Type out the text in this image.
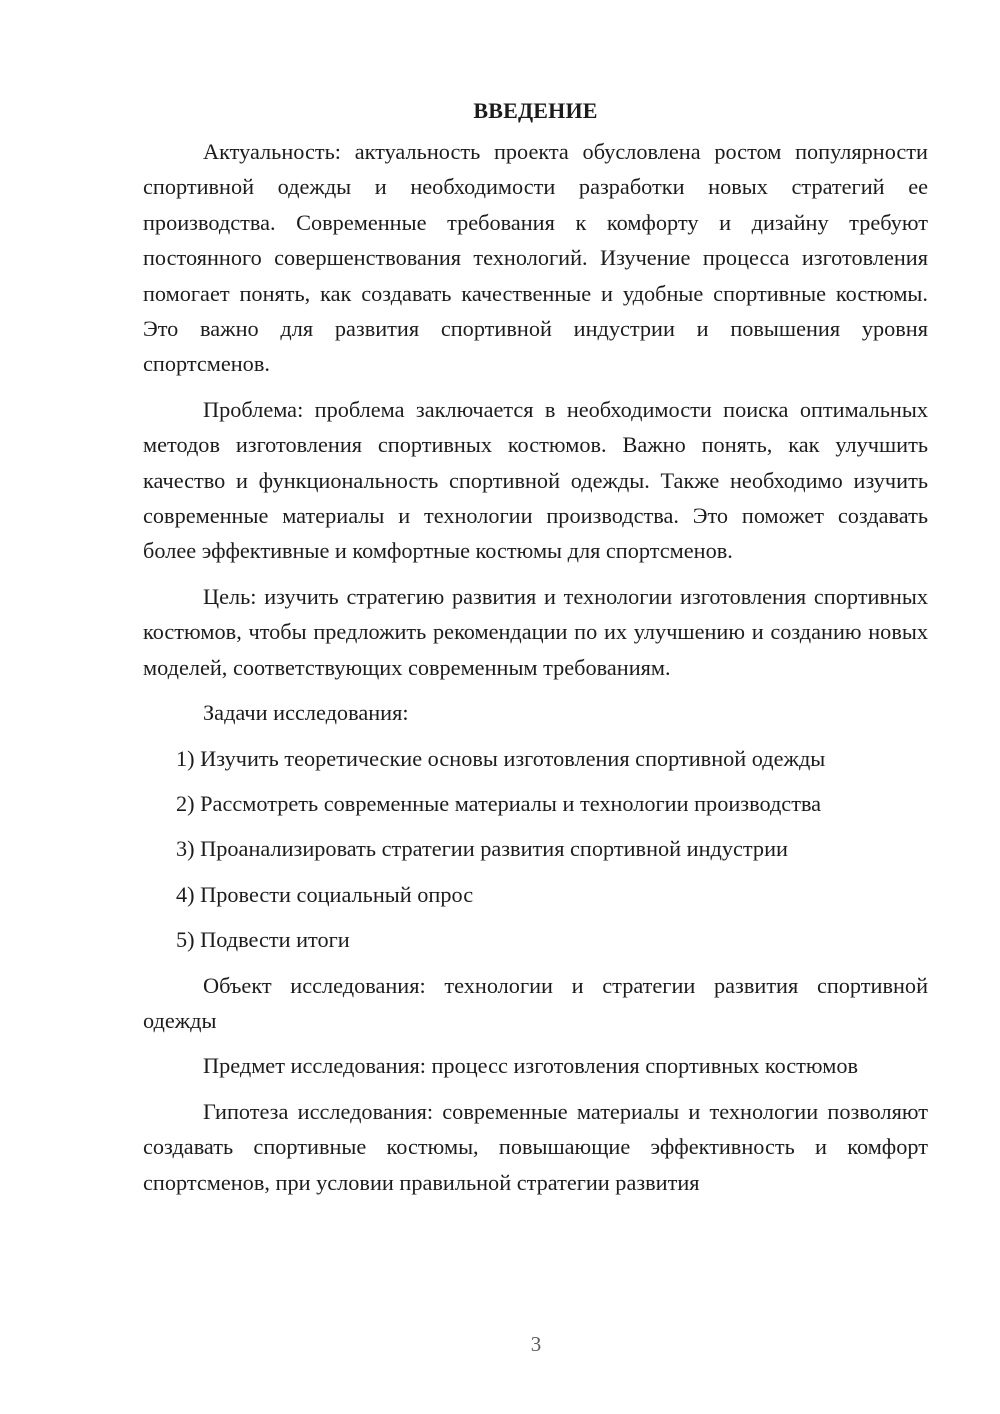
ВВЕДЕНИЕ

Актуальность: актуальность проекта обусловлена ростом популярности спортивной одежды и необходимости разработки новых стратегий ее производства. Современные требования к комфорту и дизайну требуют постоянного совершенствования технологий. Изучение процесса изготовления помогает понять, как создавать качественные и удобные спортивные костюмы. Это важно для развития спортивной индустрии и повышения уровня спортсменов.

Проблема: проблема заключается в необходимости поиска оптимальных методов изготовления спортивных костюмов. Важно понять, как улучшить качество и функциональность спортивной одежды. Также необходимо изучить современные материалы и технологии производства. Это поможет создавать более эффективные и комфортные костюмы для спортсменов.

Цель: изучить стратегию развития и технологии изготовления спортивных костюмов, чтобы предложить рекомендации по их улучшению и созданию новых моделей, соответствующих современным требованиям.

Задачи исследования:

1) Изучить теоретические основы изготовления спортивной одежды
2) Рассмотреть современные материалы и технологии производства
3) Проанализировать стратегии развития спортивной индустрии
4) Провести социальный опрос
5) Подвести итоги

Объект исследования: технологии и стратегии развития спортивной одежды

Предмет исследования: процесс изготовления спортивных костюмов

Гипотеза исследования: современные материалы и технологии позволяют создавать спортивные костюмы, повышающие эффективность и комфорт спортсменов, при условии правильной стратегии развития

3
